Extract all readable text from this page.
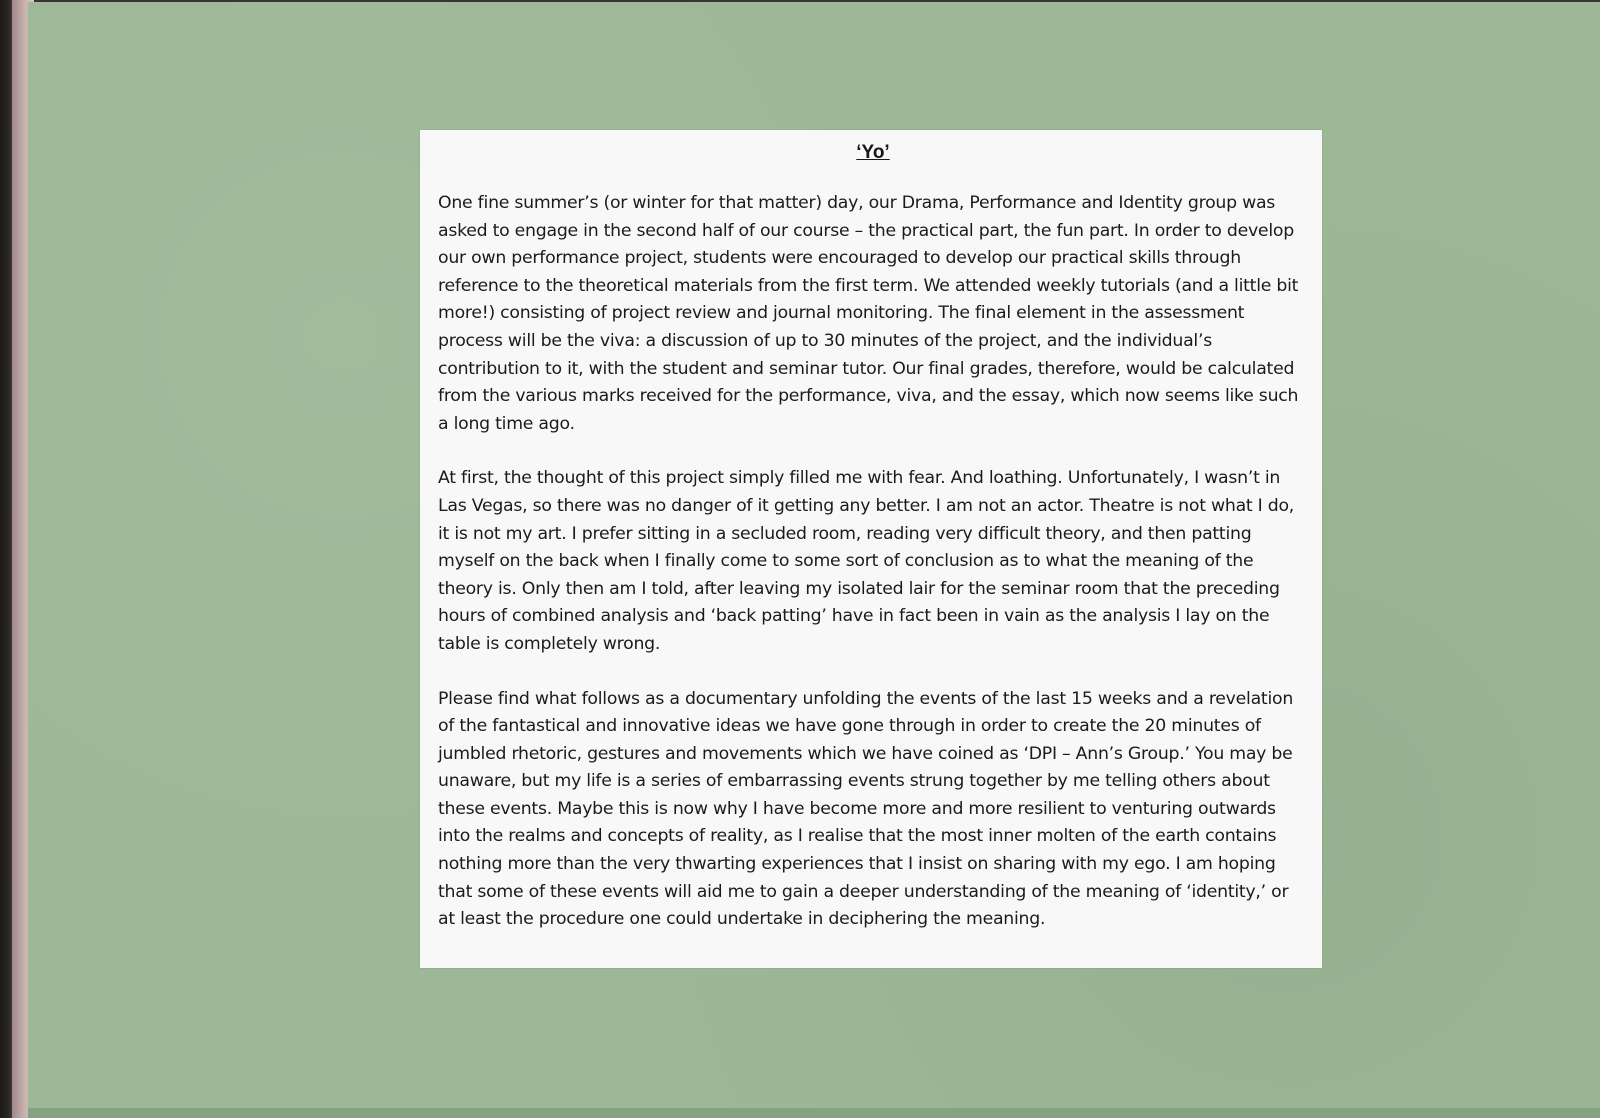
‘Yo’

One fine summer’s (or winter for that matter) day, our Drama, Performance and Identity group was asked to engage in the second half of our course – the practical part, the fun part. In order to develop our own performance project, students were encouraged to develop our practical skills through reference to the theoretical materials from the first term. We attended weekly tutorials (and a little bit more!) consisting of project review and journal monitoring. The final element in the assessment process will be the viva: a discussion of up to 30 minutes of the project, and the individual’s contribution to it, with the student and seminar tutor. Our final grades, therefore, would be calculated from the various marks received for the performance, viva, and the essay, which now seems like such a long time ago.

At first, the thought of this project simply filled me with fear. And loathing. Unfortunately, I wasn’t in Las Vegas, so there was no danger of it getting any better. I am not an actor. Theatre is not what I do, it is not my art. I prefer sitting in a secluded room, reading very difficult theory, and then patting myself on the back when I finally come to some sort of conclusion as to what the meaning of the theory is. Only then am I told, after leaving my isolated lair for the seminar room that the preceding hours of combined analysis and ‘back patting’ have in fact been in vain as the analysis I lay on the table is completely wrong.

Please find what follows as a documentary unfolding the events of the last 15 weeks and a revelation of the fantastical and innovative ideas we have gone through in order to create the 20 minutes of jumbled rhetoric, gestures and movements which we have coined as ‘DPI – Ann’s Group.’ You may be unaware, but my life is a series of embarrassing events strung together by me telling others about these events. Maybe this is now why I have become more and more resilient to venturing outwards into the realms and concepts of reality, as I realise that the most inner molten of the earth contains nothing more than the very thwarting experiences that I insist on sharing with my ego. I am hoping that some of these events will aid me to gain a deeper understanding of the meaning of ‘identity,’ or at least the procedure one could undertake in deciphering the meaning.
